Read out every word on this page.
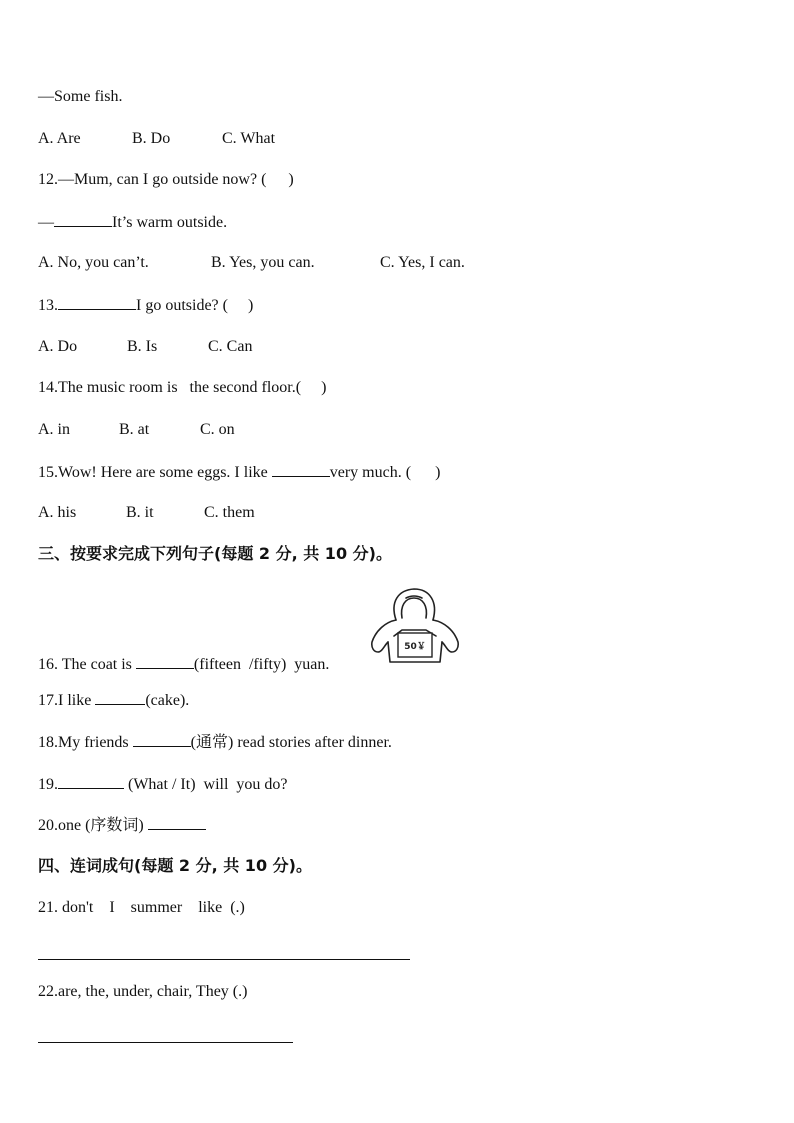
—Some fish.
A. Are	B. Do	C. What
12.—Mum, can I go outside now? ( )
—	It’s warm outside.
A. No, you can’t.	B. Yes, you can.	C. Yes, I can.
13.	I go outside? ( )
A. Do	B. Is	C. Can
14.The music room is   the second floor.( )
A. in	B. at	C. on
15.Wow! Here are some eggs. I like	very much. ( )
A. his	B. it	C. them
三、按要求完成下列句子(每题 2 分, 共 10 分)。
50￥
16. The coat is	(fifteen  /fifty)  yuan.
17.I like	(cake).
18.My friends	(通常) read stories after dinner.
19.	(What / It)  will  you do?
20.one (序数词)
四、连词成句(每题 2 分, 共 10 分)。
21. don't    I    summer    like  (.)
22.are, the, under, chair, They (.)
